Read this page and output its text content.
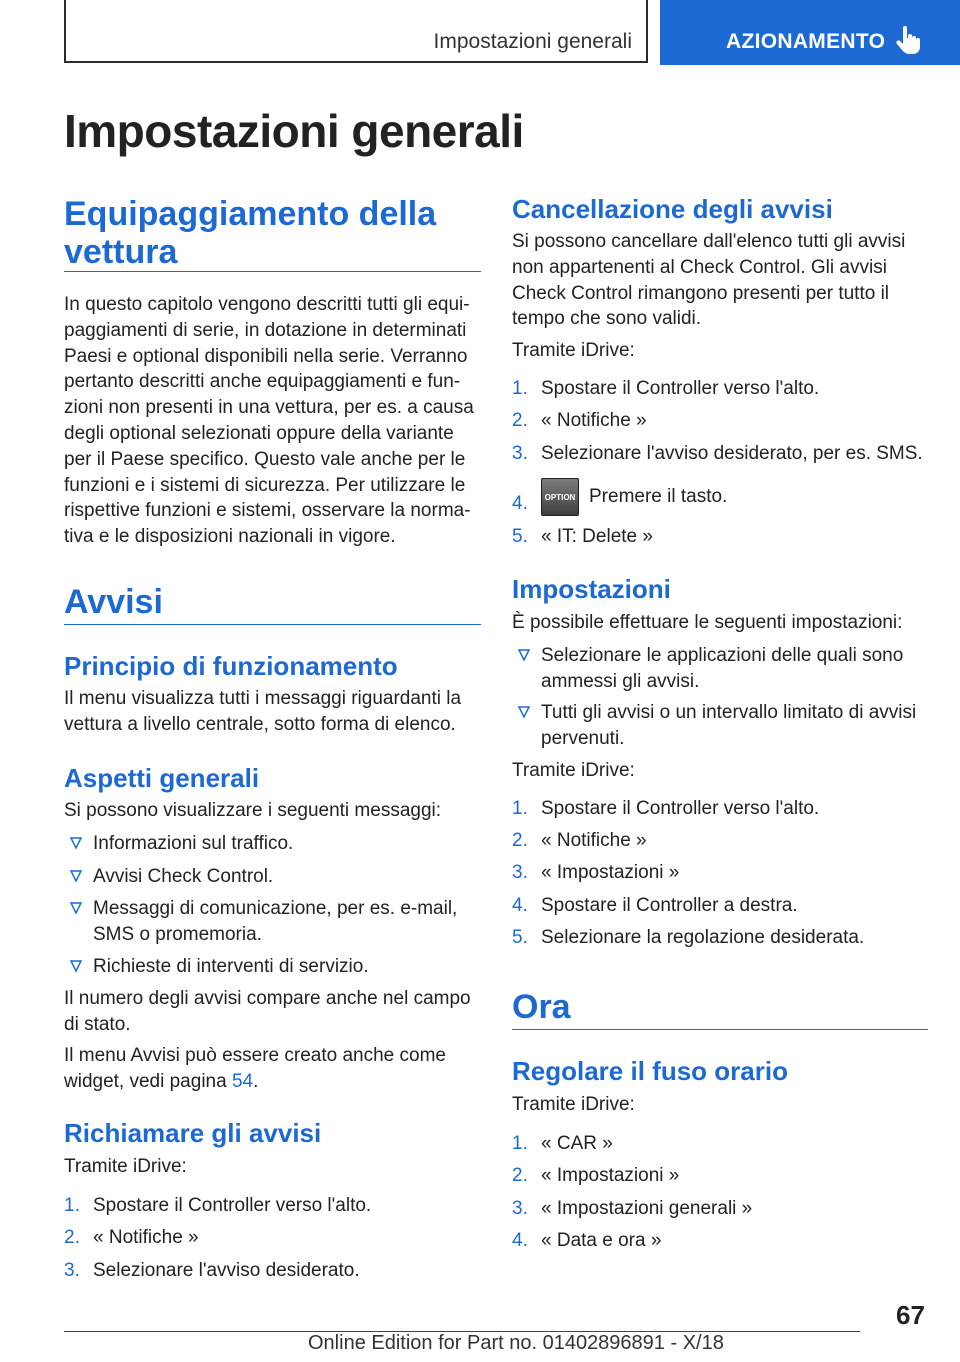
Impostazioni generali	AZIONAMENTO
Impostazioni generali
Equipaggiamento della
vettura

In questo capitolo vengono descritti tutti gli equi-paggiamenti di serie, in dotazione in determinati Paesi e optional disponibili nella serie. Verranno pertanto descritti anche equipaggiamenti e fun-zioni non presenti in una vettura, per es. a causa degli optional selezionati oppure della variante per il Paese specifico. Questo vale anche per le funzioni e i sistemi di sicurezza. Per utilizzare le rispettive funzioni e sistemi, osservare la norma-tiva e le disposizioni nazionali in vigore.

Avvisi
Principio di funzionamento

Il menu visualizza tutti i messaggi riguardanti la vettura a livello centrale, sotto forma di elenco.

Aspetti generali

Si possono visualizzare i seguenti messaggi:

Informazioni sul traffico.
Avvisi Check Control.
Messaggi di comunicazione, per es. e-mail, SMS o promemoria.
Richieste di interventi di servizio.

Il numero degli avvisi compare anche nel campo di stato.

Il menu Avvisi può essere creato anche come widget, vedi pagina 54.

Richiamare gli avvisi

Tramite iDrive:

1. Spostare il Controller verso l'alto.
2. « Notifiche »
3. Selezionare l'avviso desiderato.
Cancellazione degli avvisi

Si possono cancellare dall'elenco tutti gli avvisi non appartenenti al Check Control. Gli avvisi Check Control rimangono presenti per tutto il tempo che sono validi.

Tramite iDrive:

1. Spostare il Controller verso l'alto.
2. « Notifiche »
3. Selezionare l'avviso desiderato, per es. SMS.
4.	OPTION Premere il tasto.
5. « IT: Delete »
Impostazioni

È possibile effettuare le seguenti impostazioni:

Selezionare le applicazioni delle quali sono ammessi gli avvisi.
Tutti gli avvisi o un intervallo limitato di avvisi pervenuti.

Tramite iDrive:

1. Spostare il Controller verso l'alto.
2. « Notifiche »
3. « Impostazioni »
4. Spostare il Controller a destra.
5. Selezionare la regolazione desiderata.
Ora
Regolare il fuso orario

Tramite iDrive:

1. « CAR »
2. « Impostazioni »
3. « Impostazioni generali »
4. « Data e ora »
67
Online Edition for Part no. 01402896891 - X/18
